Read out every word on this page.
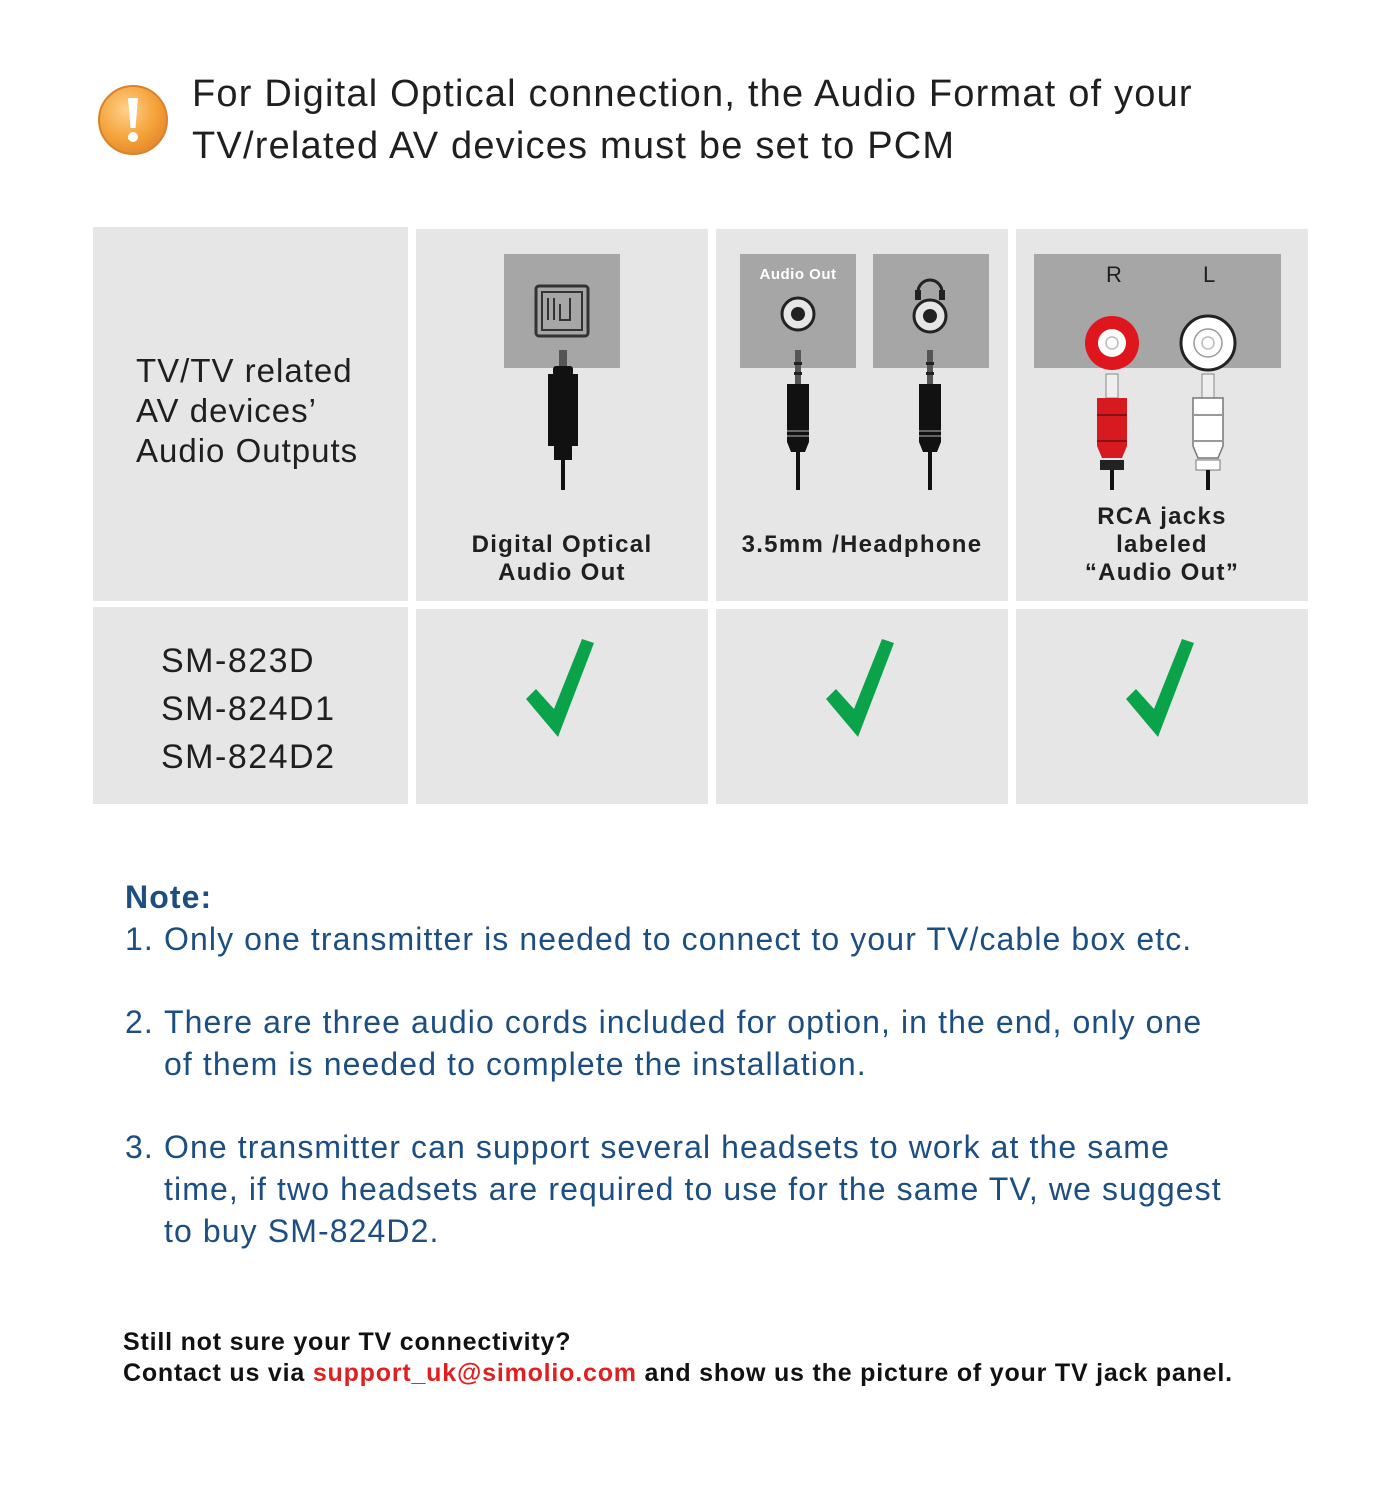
For Digital Optical connection, the Audio Format of your
TV/related AV devices must be set to PCM
TV/TV related
AV devices’
Audio Outputs
Digital Optical
Audio Out
Audio Out
3.5mm /Headphone
R	L
RCA jacks
labeled
“Audio Out”
SM-823D
SM-824D1
SM-824D2
Note:
1. Only one transmitter is needed to connect to your TV/cable box etc.
2. There are three audio cords included for option, in the end, only one
of them is needed to complete the installation.
3. One transmitter can support several headsets to work at the same
time, if two headsets are required to use for the same TV, we suggest
to buy SM-824D2.
Still not sure your TV connectivity?
Contact us via support_uk@simolio.com and show us the picture of your TV jack panel.
